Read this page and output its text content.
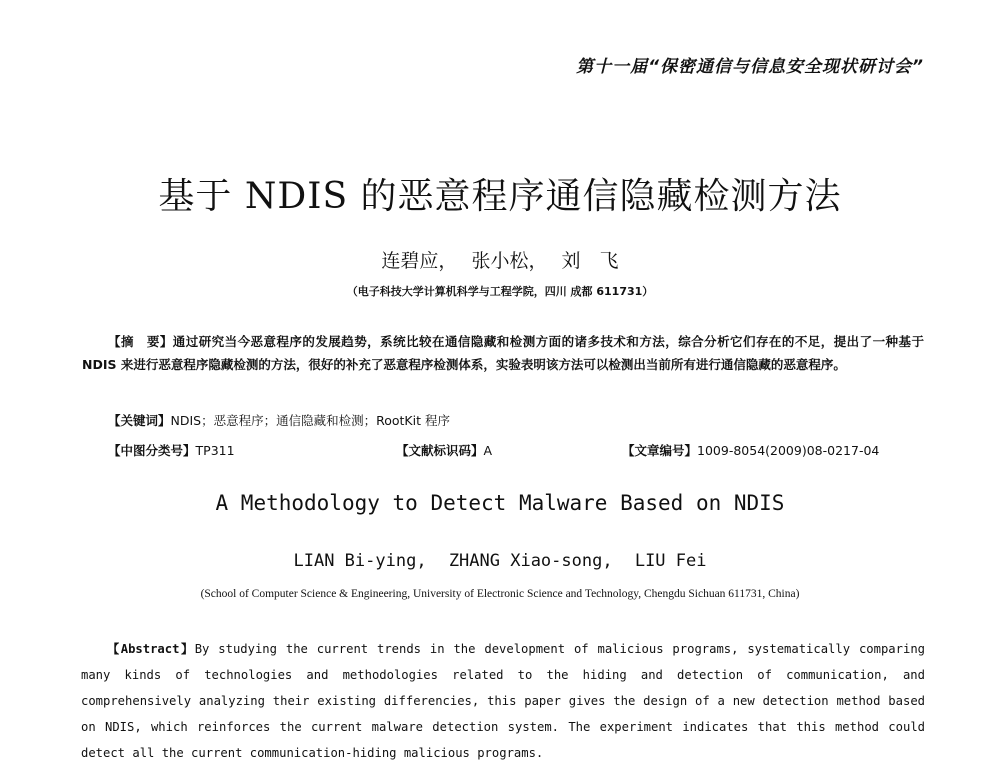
第十一届“保密通信与信息安全现状研讨会”
基于 NDIS 的恶意程序通信隐藏检测方法
连碧应， 张小松， 刘　飞
（电子科技大学计算机科学与工程学院，四川 成都 611731）
【摘　要】通过研究当今恶意程序的发展趋势，系统比较在通信隐藏和检测方面的诸多技术和方法，综合分析它们存在的不足，提出了一种基于 NDIS 来进行恶意程序隐藏检测的方法，很好的补充了恶意程序检测体系，实验表明该方法可以检测出当前所有进行通信隐藏的恶意程序。
【关键词】NDIS；恶意程序；通信隐藏和检测；RootKit 程序
【中图分类号】TP311	【文献标识码】A	【文章编号】1009-8054(2009)08-0217-04
A Methodology to Detect Malware Based on NDIS
LIAN Bi-ying, ZHANG Xiao-song, LIU Fei
(School of Computer Science & Engineering, University of Electronic Science and Technology, Chengdu Sichuan 611731, China)
【Abstract】By studying the current trends in the development of malicious programs, systematically comparing many kinds of technologies and methodologies related to the hiding and detection of communication, and comprehensively analyzing their existing differencies, this paper gives the design of a new detection method based on NDIS, which reinforces the current malware detection system. The experiment indicates that this method could detect all the current communication-hiding malicious programs.
